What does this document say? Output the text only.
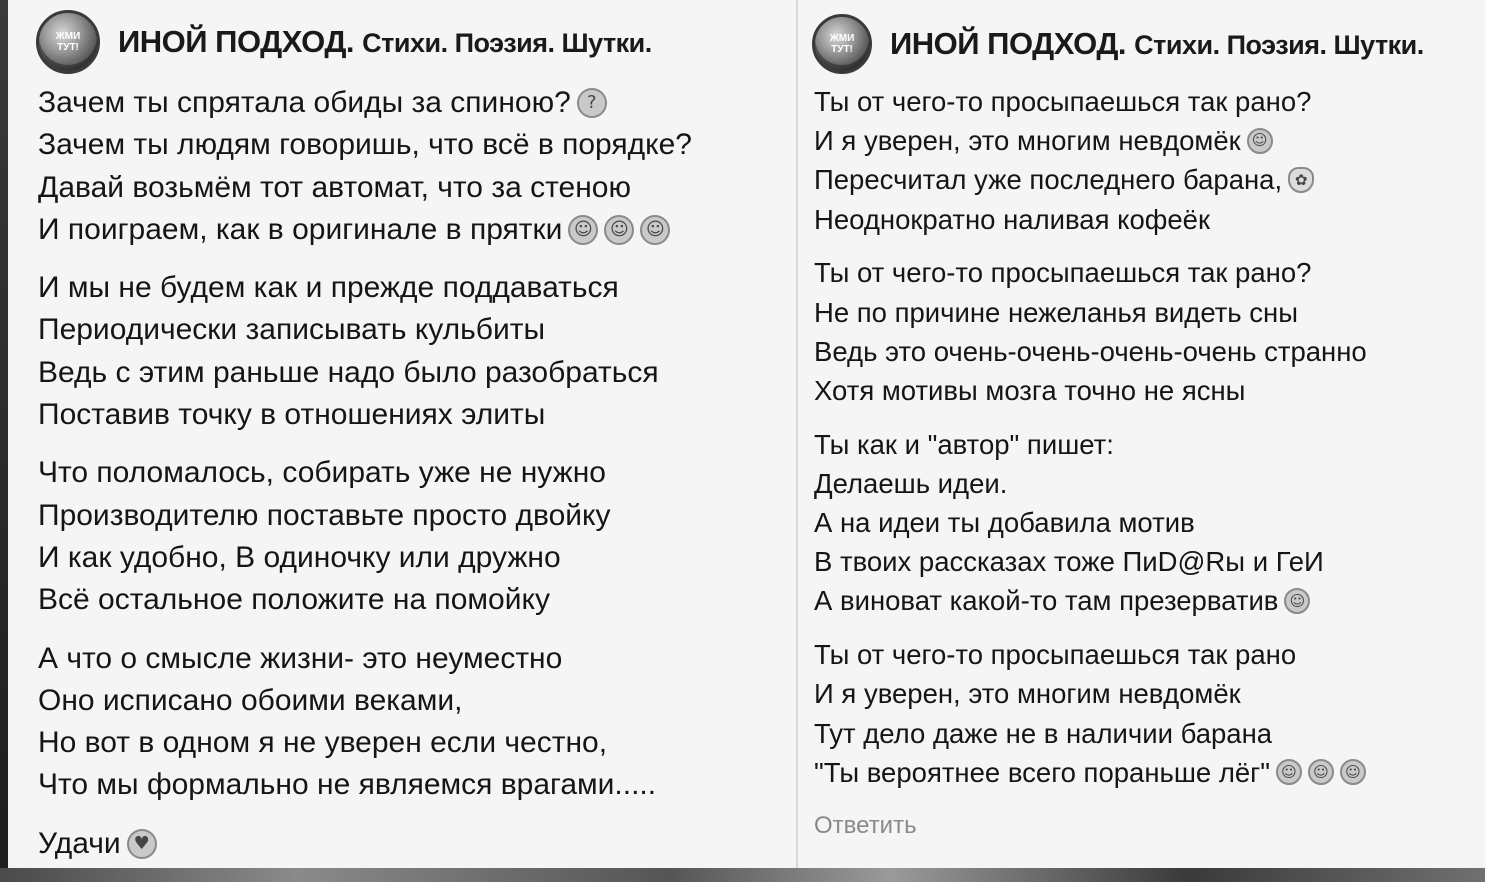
ЖМИ
ТУТ! ИНОЙ ПОДХОД. Стихи. Поэзия. Шутки.
Зачем ты спрятала обиды за спиною? ?
Зачем ты людям говоришь, что всё в порядке?
Давай возьмём тот автомат, что за стеною
И поиграем, как в оригинале в прятки ☺ ☺ ☺
И мы не будем как и прежде поддаваться
Периодически записывать кульбиты
Ведь с этим раньше надо было разобраться
Поставив точку в отношениях элиты
Что поломалось, собирать уже не нужно
Производителю поставьте просто двойку
И как удобно, В одиночку или дружно
Всё остальное положите на помойку
А что о смысле жизни- это неуместно
Оно исписано обоими веками,
Но вот в одном я не уверен если честно,
Что мы формально не являемся врагами.....
Удачи ♥
ЖМИ
ТУТ! ИНОЙ ПОДХОД. Стихи. Поэзия. Шутки.
Ты от чего-то просыпаешься так рано?
И я уверен, это многим невдомёк ☺
Пересчитал уже последнего барана, ✿
Неоднократно наливая кофеёк
Ты от чего-то просыпаешься так рано?
Не по причине нежеланья видеть сны
Ведь это очень-очень-очень-очень странно
Хотя мотивы мозга точно не ясны
Ты как и "автор" пишет:
Делаешь идеи.
А на идеи ты добавила мотив
В твоих рассказах тоже ПиD@Rы и ГеИ
А виноват какой-то там презерватив ☺
Ты от чего-то просыпаешься так рано
И я уверен, это многим невдомёк
Тут дело даже не в наличии барана
"Ты вероятнее всего пораньше лёг" ☺	☺	☺
Ответить
